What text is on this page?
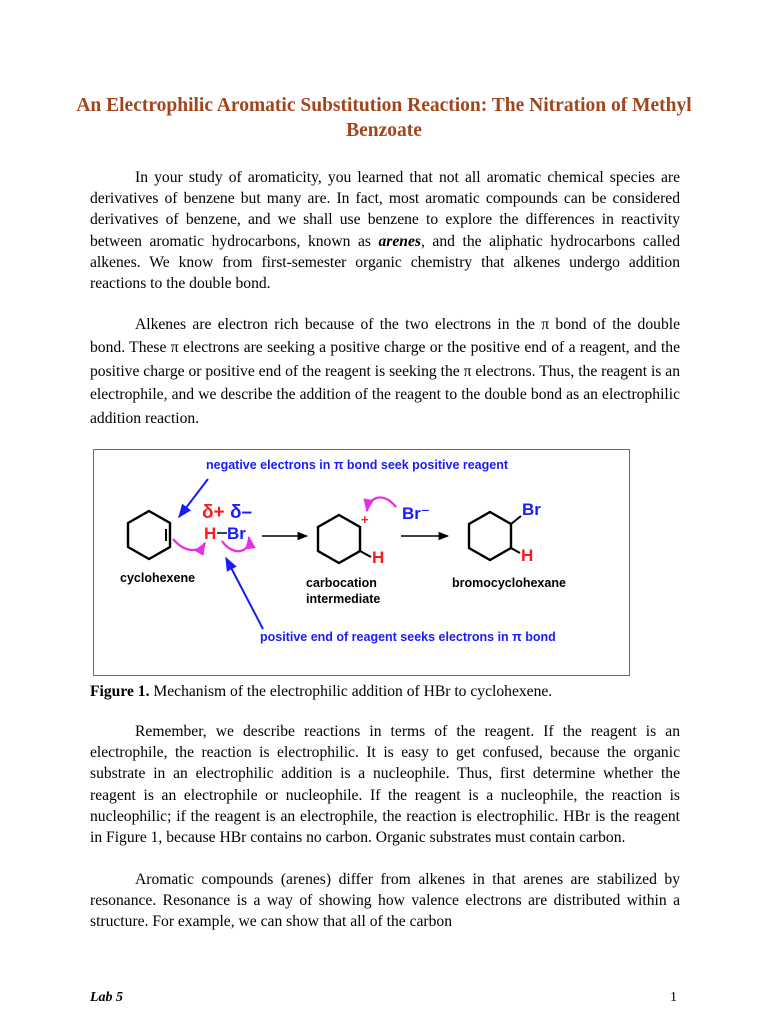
An Electrophilic Aromatic Substitution Reaction: The Nitration of Methyl Benzoate
In your study of aromaticity, you learned that not all aromatic chemical species are derivatives of benzene but many are. In fact, most aromatic compounds can be considered derivatives of benzene, and we shall use benzene to explore the differences in reactivity between aromatic hydrocarbons, known as arenes, and the aliphatic hydrocarbons called alkenes. We know from first-semester organic chemistry that alkenes undergo addition reactions to the double bond.
Alkenes are electron rich because of the two electrons in the π bond of the double bond. These π electrons are seeking a positive charge or the positive end of a reagent, and the positive charge or positive end of the reagent is seeking the π electrons. Thus, the reagent is an electrophile, and we describe the addition of the reagent to the double bond as an electrophilic addition reaction.
negative electrons in π bond seek positive reagent
cyclohexene
δ+ δ–
H Br
+
H
Br⁻
carbocation
intermediate
Br
H
bromocyclohexane
positive end of reagent seeks electrons in π bond
Figure 1. Mechanism of the electrophilic addition of HBr to cyclohexene.
Remember, we describe reactions in terms of the reagent. If the reagent is an electrophile, the reaction is electrophilic. It is easy to get confused, because the organic substrate in an electrophilic addition is a nucleophile. Thus, first determine whether the reagent is an electrophile or nucleophile. If the reagent is a nucleophile, the reaction is nucleophilic; if the reagent is an electrophile, the reaction is electrophilic. HBr is the reagent in Figure 1, because HBr contains no carbon. Organic substrates must contain carbon.
Aromatic compounds (arenes) differ from alkenes in that arenes are stabilized by resonance. Resonance is a way of showing how valence electrons are distributed within a structure. For example, we can show that all of the carbon
Lab 5	1
